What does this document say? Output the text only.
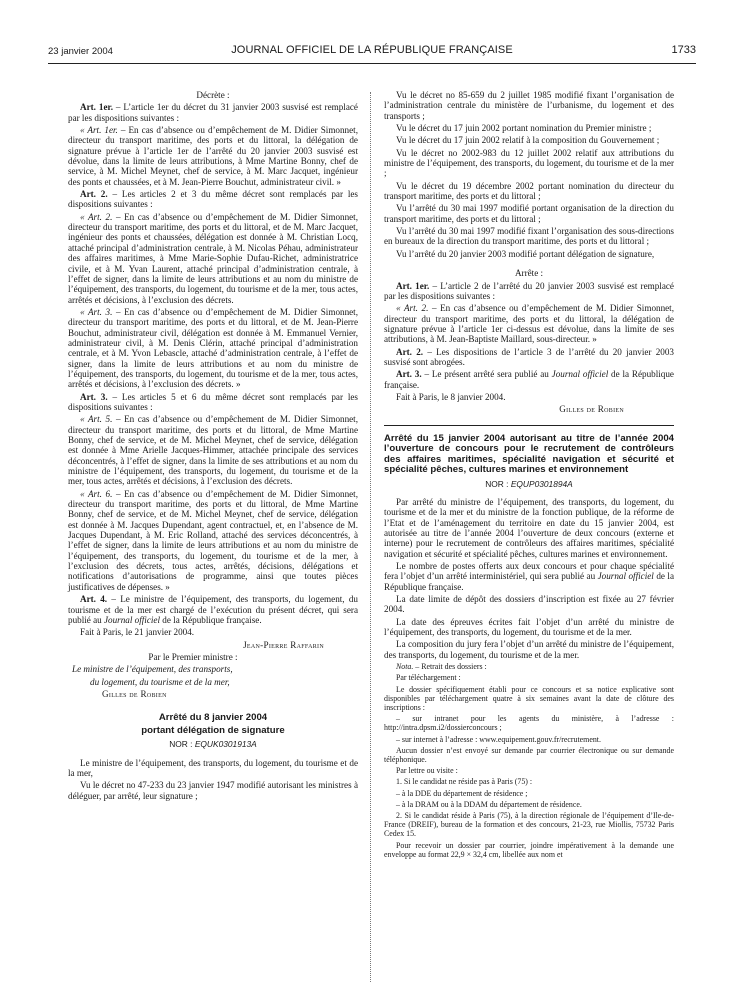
23 janvier 2004	JOURNAL OFFICIEL DE LA RÉPUBLIQUE FRANÇAISE	1733

Décrète :

Art. 1er. – L’article 1er du décret du 31 janvier 2003 susvisé est remplacé par les dispositions suivantes :

« Art. 1er. – En cas d’absence ou d’empêchement de M. Didier Simonnet, directeur du transport maritime, des ports et du littoral, la délégation de signature prévue à l’article 1er de l’arrêté du 20 janvier 2003 susvisé est dévolue, dans la limite de leurs attributions, à Mme Martine Bonny, chef de service, à M. Michel Meynet, chef de service, à M. Marc Jacquet, ingénieur des ponts et chaussées, et à M. Jean-Pierre Bouchut, administrateur civil. »

Art. 2. – Les articles 2 et 3 du même décret sont remplacés par les dispositions suivantes :

« Art. 2. – En cas d’absence ou d’empêchement de M. Didier Simonnet, directeur du transport maritime, des ports et du littoral, et de M. Marc Jacquet, ingénieur des ponts et chaussées, délégation est donnée à M. Christian Locq, attaché principal d’administration centrale, à M. Nicolas Péhau, administrateur des affaires maritimes, à Mme Marie-Sophie Dufau-Richet, administratrice civile, et à M. Yvan Laurent, attaché principal d’administration centrale, à l’effet de signer, dans la limite de leurs attributions et au nom du ministre de l’équipement, des transports, du logement, du tourisme et de la mer, tous actes, arrêtés et décisions, à l’exclusion des décrets.

« Art. 3. – En cas d’absence ou d’empêchement de M. Didier Simonnet, directeur du transport maritime, des ports et du littoral, et de M. Jean-Pierre Bouchut, administrateur civil, délégation est donnée à M. Emmanuel Vernier, administrateur civil, à M. Denis Clérin, attaché principal d’administration centrale, et à M. Yvon Lebascle, attaché d’administration centrale, à l’effet de signer, dans la limite de leurs attributions et au nom du ministre de l’équipement, des transports, du logement, du tourisme et de la mer, tous actes, arrêtés et décisions, à l’exclusion des décrets. »

Art. 3. – Les articles 5 et 6 du même décret sont remplacés par les dispositions suivantes :

« Art. 5. – En cas d’absence ou d’empêchement de M. Didier Simonnet, directeur du transport maritime, des ports et du littoral, de Mme Martine Bonny, chef de service, et de M. Michel Meynet, chef de service, délégation est donnée à Mme Arielle Jacques-Himmer, attachée principale des services déconcentrés, à l’effet de signer, dans la limite de ses attributions et au nom du ministre de l’équipement, des transports, du logement, du tourisme et de la mer, tous actes, arrêtés et décisions, à l’exclusion des décrets.

« Art. 6. – En cas d’absence ou d’empêchement de M. Didier Simonnet, directeur du transport maritime, des ports et du littoral, de Mme Martine Bonny, chef de service, et de M. Michel Meynet, chef de service, délégation est donnée à M. Jacques Dupendant, agent contractuel, et, en l’absence de M. Jacques Dupendant, à M. Eric Rolland, attaché des services déconcentrés, à l’effet de signer, dans la limite de leurs attributions et au nom du ministre de l’équipement, des transports, du logement, du tourisme et de la mer, à l’exclusion des décrets, tous actes, arrêtés, décisions, délégations et notifications d’autorisations de programme, ainsi que toutes pièces justificatives de dépenses. »

Art. 4. – Le ministre de l’équipement, des transports, du logement, du tourisme et de la mer est chargé de l’exécution du présent décret, qui sera publié au Journal officiel de la République française.

Fait à Paris, le 21 janvier 2004.

Jean-Pierre Raffarin

Par le Premier ministre :

Le ministre de l’équipement, des transports,

du logement, du tourisme et de la mer,

Gilles de Robien

Arrêté du 8 janvier 2004

portant délégation de signature

NOR : EQUK0301913A

Le ministre de l’équipement, des transports, du logement, du tourisme et de la mer,

Vu le décret no 47-233 du 23 janvier 1947 modifié autorisant les ministres à déléguer, par arrêté, leur signature ;

Vu le décret no 85-659 du 2 juillet 1985 modifié fixant l’organisation de l’administration centrale du ministère de l’urbanisme, du logement et des transports ;

Vu le décret du 17 juin 2002 portant nomination du Premier ministre ;

Vu le décret du 17 juin 2002 relatif à la composition du Gouvernement ;

Vu le décret no 2002-983 du 12 juillet 2002 relatif aux attributions du ministre de l’équipement, des transports, du logement, du tourisme et de la mer ;

Vu le décret du 19 décembre 2002 portant nomination du directeur du transport maritime, des ports et du littoral ;

Vu l’arrêté du 30 mai 1997 modifié portant organisation de la direction du transport maritime, des ports et du littoral ;

Vu l’arrêté du 30 mai 1997 modifié fixant l’organisation des sous-directions en bureaux de la direction du transport maritime, des ports et du littoral ;

Vu l’arrêté du 20 janvier 2003 modifié portant délégation de signature,

Arrête :

Art. 1er. – L’article 2 de l’arrêté du 20 janvier 2003 susvisé est remplacé par les dispositions suivantes :

« Art. 2. – En cas d’absence ou d’empêchement de M. Didier Simonnet, directeur du transport maritime, des ports et du littoral, la délégation de signature prévue à l’article 1er ci-dessus est dévolue, dans la limite de ses attributions, à M. Jean-Baptiste Maillard, sous-directeur. »

Art. 2. – Les dispositions de l’article 3 de l’arrêté du 20 janvier 2003 susvisé sont abrogées.

Art. 3. – Le présent arrêté sera publié au Journal officiel de la République française.

Fait à Paris, le 8 janvier 2004.

Gilles de Robien

Arrêté du 15 janvier 2004 autorisant au titre de l’année 2004 l’ouverture de concours pour le recrutement de contrôleurs des affaires maritimes, spécialité navigation et sécurité et spécialité pêches, cultures marines et environnement

NOR : EQUP0301894A

Par arrêté du ministre de l’équipement, des transports, du logement, du tourisme et de la mer et du ministre de la fonction publique, de la réforme de l’Etat et de l’aménagement du territoire en date du 15 janvier 2004, est autorisée au titre de l’année 2004 l’ouverture de deux concours (externe et interne) pour le recrutement de contrôleurs des affaires maritimes, spécialité navigation et sécurité et spécialité pêches, cultures marines et environnement.

Le nombre de postes offerts aux deux concours et pour chaque spécialité fera l’objet d’un arrêté interministériel, qui sera publié au Journal officiel de la République française.

La date limite de dépôt des dossiers d’inscription est fixée au 27 février 2004.

La date des épreuves écrites fait l’objet d’un arrêté du ministre de l’équipement, des transports, du logement, du tourisme et de la mer.

La composition du jury fera l’objet d’un arrêté du ministre de l’équipement, des transports, du logement, du tourisme et de la mer.

Nota. – Retrait des dossiers :

Par téléchargement :

Le dossier spécifiquement établi pour ce concours et sa notice explicative sont disponibles par téléchargement quatre à six semaines avant la date de clôture des inscriptions :

– sur intranet pour les agents du ministère, à l’adresse : http://intra.dpsm.i2/dossierconcours ;

– sur internet à l’adresse : www.equipement.gouv.fr/recrutement.

Aucun dossier n’est envoyé sur demande par courrier électronique ou sur demande téléphonique.

Par lettre ou visite :

1. Si le candidat ne réside pas à Paris (75) :

– à la DDE du département de résidence ;

– à la DRAM ou à la DDAM du département de résidence.

2. Si le candidat réside à Paris (75), à la direction régionale de l’équipement d’Ile-de-France (DREIF), bureau de la formation et des concours, 21-23, rue Miollis, 75732 Paris Cedex 15.

Pour recevoir un dossier par courrier, joindre impérativement à la demande une enveloppe au format 22,9 × 32,4 cm, libellée aux nom et
